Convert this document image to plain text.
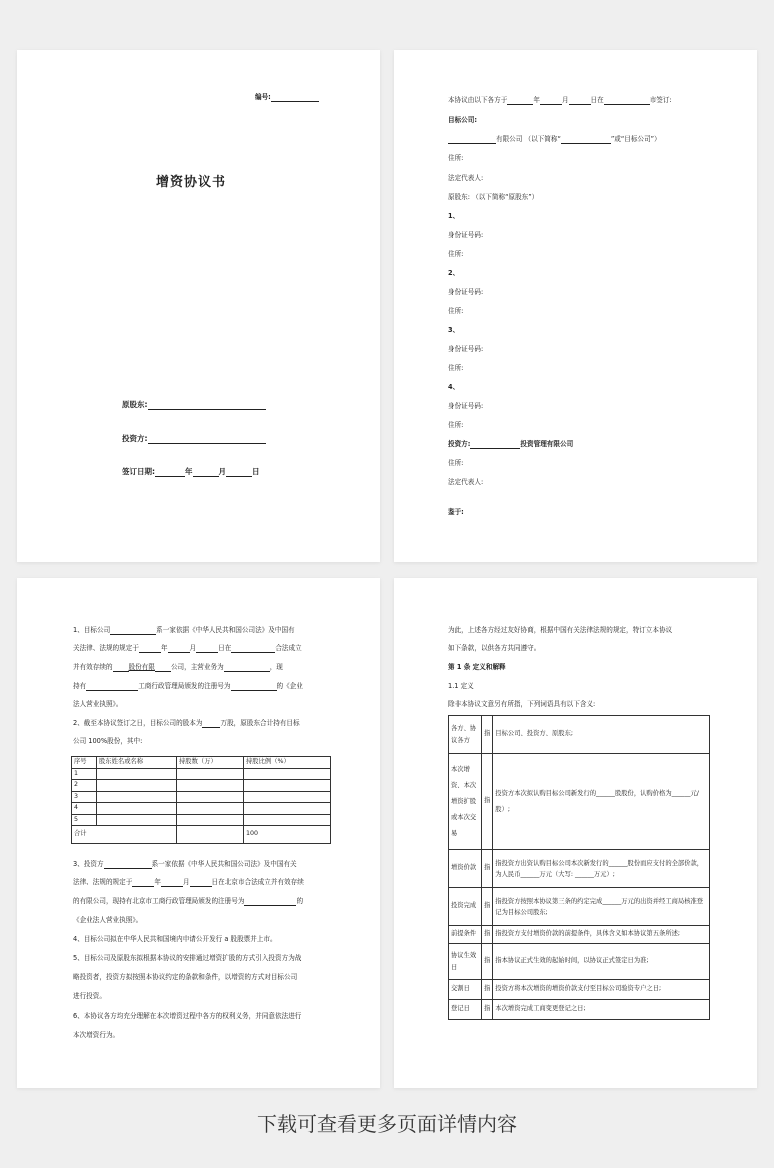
编号:
增资协议书
原股东:
投资方:
签订日期:	年	月	日
本协议由以下各方于	年	月	日在	市签订:
目标公司:
有限公司 （以下简称“	”或“目标公司”）
住所:
法定代表人:
原股东: （以下简称“原股东”）
1、
身份证号码:
住所:
2、
身份证号码:
住所:
3、
身份证号码:
住所:
4、
身份证号码:
住所:
投资方:	投资管理有限公司
住所:
法定代表人:
鉴于:
1、目标公司	系一家依据《中华人民共和国公司法》及中国有
关法律、法规的规定于	年	月	日在	合法成立
并有效存续的 股份有限 公司，主营业务为	，现
持有	工商行政管理局颁发的注册号为	的《企业
法人营业执照》。
2、截至本协议签订之日，目标公司的股本为	万股，原股东合计持有目标
公司 100%股份，其中:
序号	股东姓名或名称	持股数（万）	持股比例（%）
1			
2			
3			
4			
5			
合计			100
3、投资方	系一家依据《中华人民共和国公司法》及中国有关
法律、法规的规定于	年	月	日在北京市合法成立并有效存续
的有限公司，现持有北京市工商行政管理局颁发的注册号为	的
《企业法人营业执照》。
4、目标公司拟在中华人民共和国境内申请公开发行 a 股股票并上市。
5、目标公司及原股东拟根据本协议的安排通过增资扩股的方式引入投资方为战
略投资者，投资方拟按照本协议约定的条款和条件，以增资的方式对目标公司
进行投资。
6、本协议各方均充分理解在本次增资过程中各方的权利义务，并同意依法进行
本次增资行为。
为此，上述各方经过友好协商，根据中国有关法律法规的规定，特订立本协议
如下条款，以供各方共同遵守。
第 1 条 定义和解释
1.1 定义
除非本协议文意另有所指，下列词语具有以下含义:
各方、协议各方	指	目标公司、投资方、原股东;
本次增资、本次增资扩股或本次交易	指	投资方本次拟认购目标公司新发行的______股股份，认购价格为______元/股）;
增资价款	指	指投资方出资认购目标公司本次新发行的______股份而应支付的全部价款，为人民币______万元（大写: ______万元）;
投资完成	指	指投资方按照本协议第三条的约定完成______万元的出资并经工商局核准登记为目标公司股东;
前提条件	指	指投资方支付增资价款的前提条件，具体含义如本协议第五条所述;
协议生效日	指	指本协议正式生效的起始时间，以协议正式签定日为准;
交割日	指	投资方将本次增资的增资价款支付至目标公司验资专户之日;
登记日	指	本次增资完成工商变更登记之日;
下载可查看更多页面详情内容
